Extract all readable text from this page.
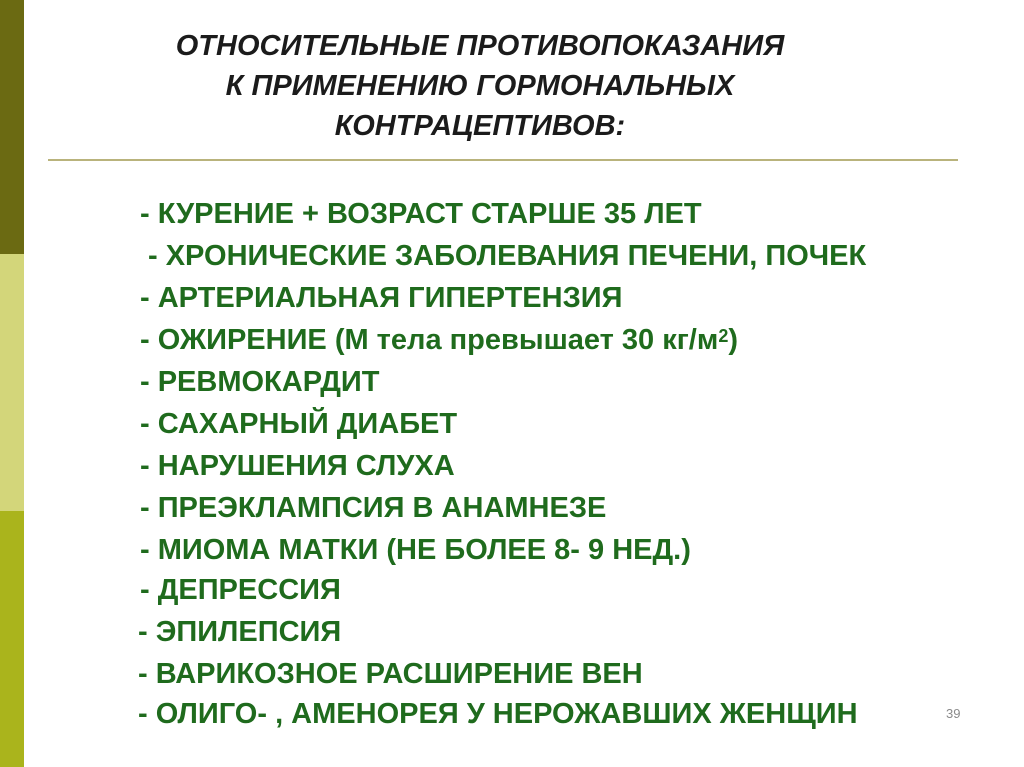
ОТНОСИТЕЛЬНЫЕ ПРОТИВОПОКАЗАНИЯ
К ПРИМЕНЕНИЮ ГОРМОНАЛЬНЫХ
КОНТРАЦЕПТИВОВ:
- КУРЕНИЕ + ВОЗРАСТ СТАРШЕ 35 ЛЕТ
- ХРОНИЧЕСКИЕ ЗАБОЛЕВАНИЯ ПЕЧЕНИ, ПОЧЕК
- АРТЕРИАЛЬНАЯ ГИПЕРТЕНЗИЯ
- ОЖИРЕНИЕ (М тела превышает 30 $кг/м^2$)
- РЕВМОКАРДИТ
- САХАРНЫЙ ДИАБЕТ
- НАРУШЕНИЯ СЛУХА
- ПРЕЭКЛАМПСИЯ В АНАМНЕЗЕ
- МИОМА МАТКИ (НЕ БОЛЕЕ 8- 9 НЕД.)
- ДЕПРЕССИЯ
- ЭПИЛЕПСИЯ
- ВАРИКОЗНОЕ РАСШИРЕНИЕ ВЕН
- ОЛИГО- , АМЕНОРЕЯ У НЕРОЖАВШИХ ЖЕНЩИН	39
